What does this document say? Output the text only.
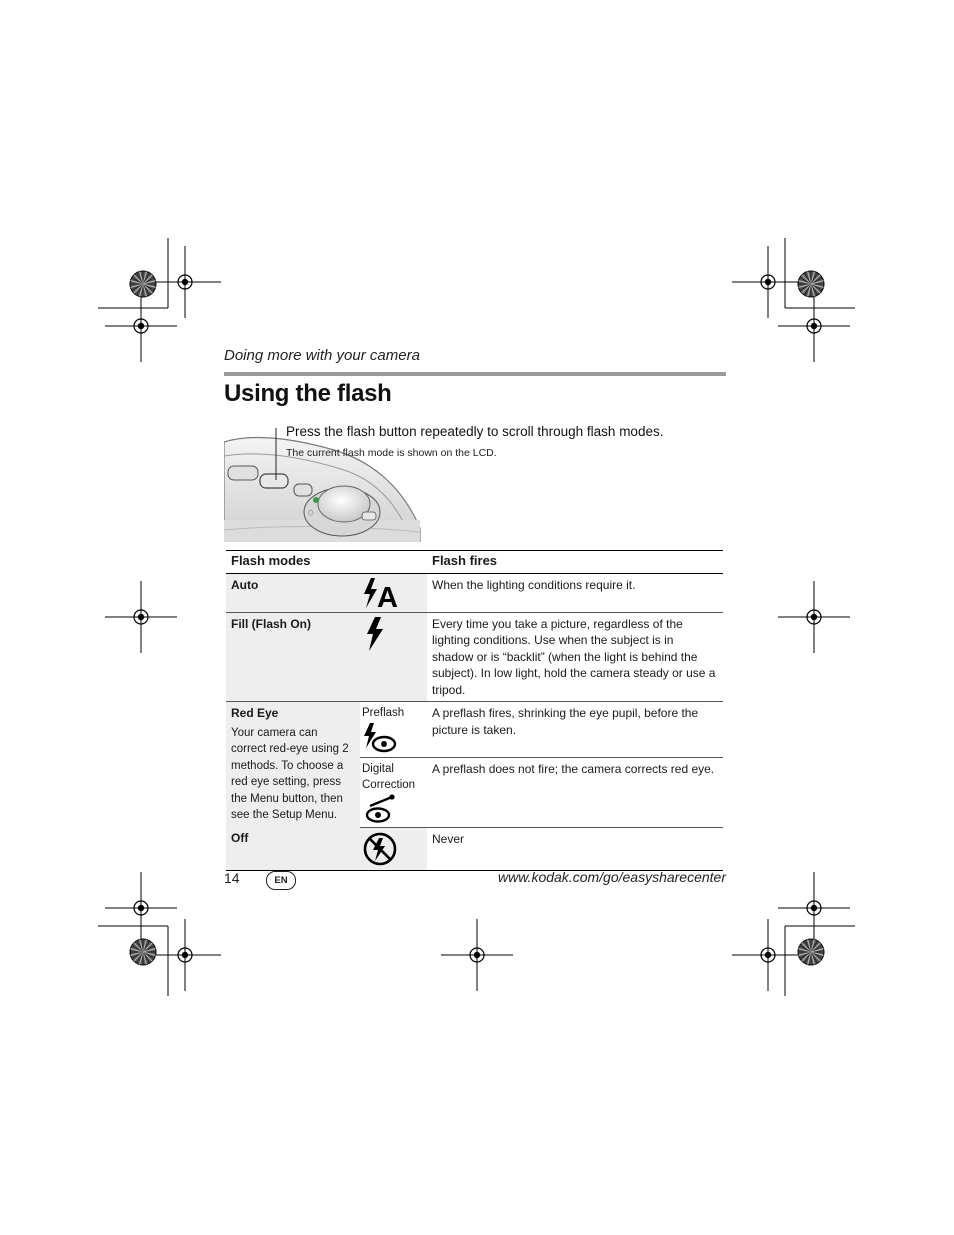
Doing more with your camera
Using the flash
◯
Press the flash button repeatedly to scroll through flash modes.
The current flash mode is shown on the LCD.
Flash modes		Flash fires
Auto	A	When the lighting conditions require it.
Fill (Flash On)		Every time you take a picture, regardless of the lighting conditions. Use when the subject is in shadow or is “backlit” (when the light is behind the subject). In low light, hold the camera steady or use a tripod.

Red Eye
Your camera can correct red-eye using 2 methods. To choose a red eye setting, press the Menu button, then see the Setup Menu.	Preflash	A preflash fires, shrinking the eye pupil, before the picture is taken.

	Digital Correction	A preflash does not fire; the camera corrects red eye.
Off		Never
14	EN	www.kodak.com/go/easysharecenter
